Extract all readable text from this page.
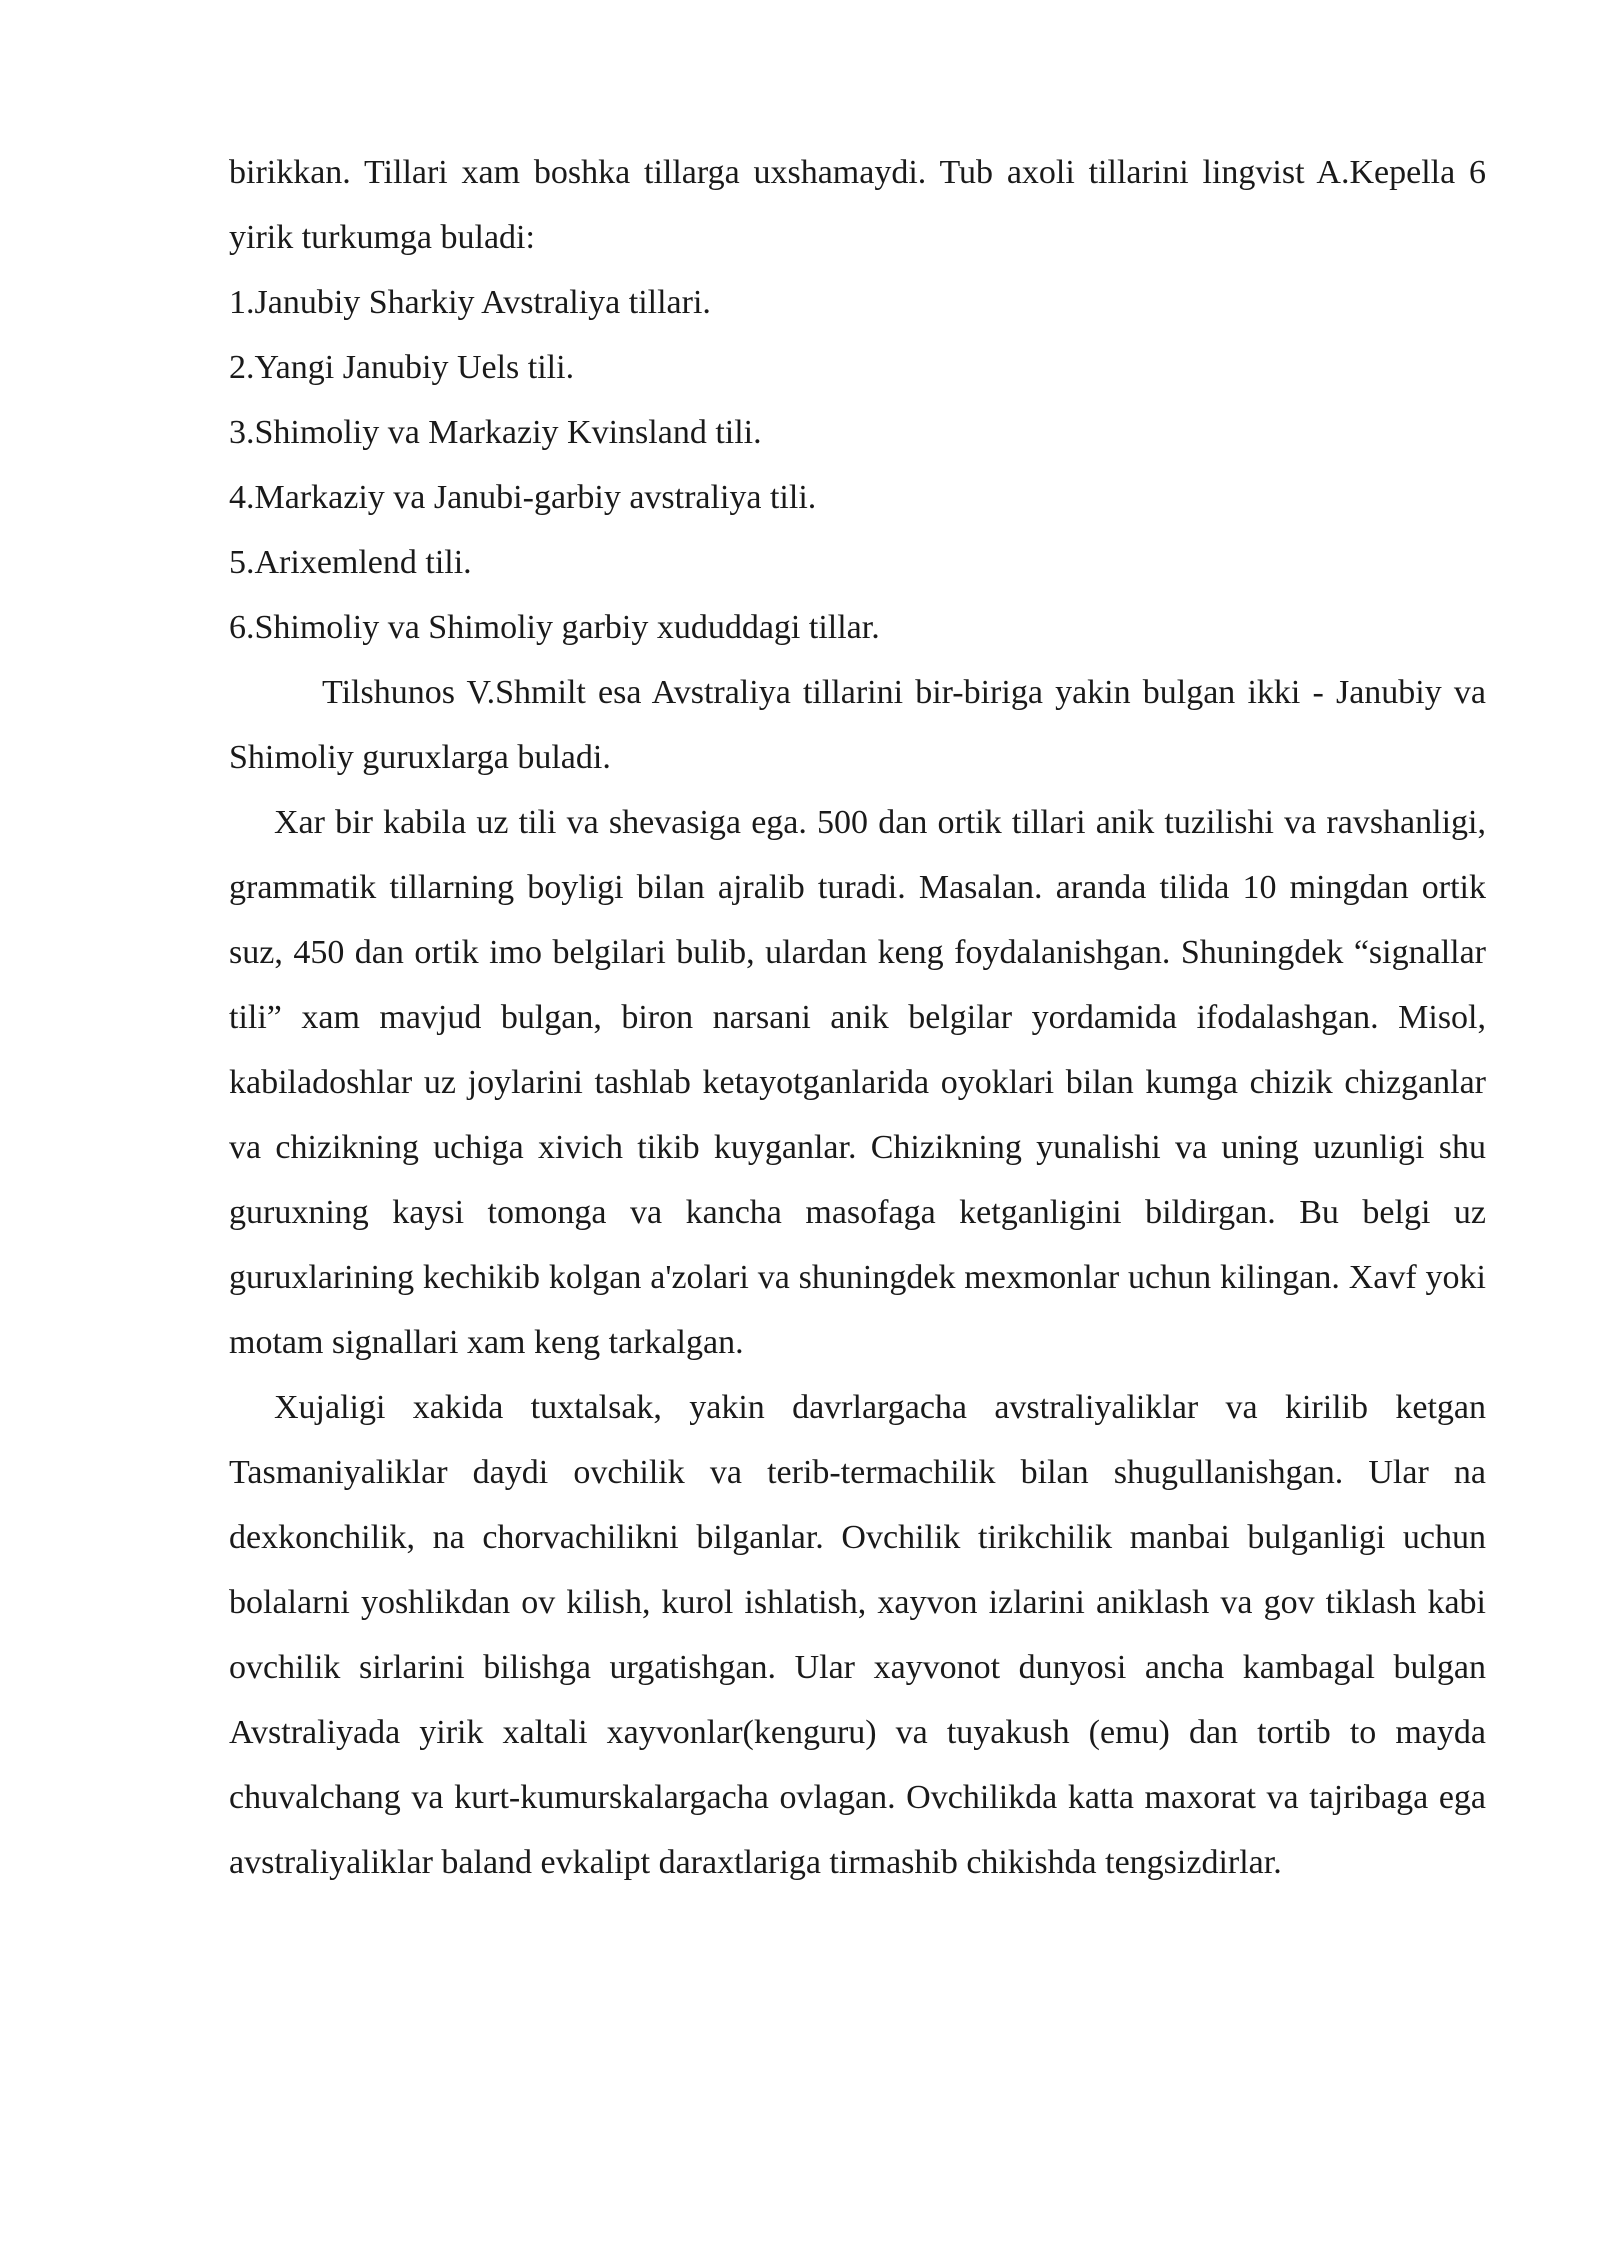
birikkan. Tillari xam boshka tillarga uxshamaydi. Tub axoli tillarini lingvist A.Kepella 6 yirik turkumga buladi:

1.Janubiy Sharkiy Avstraliya tillari.

2.Yangi Janubiy Uels tili.

3.Shimoliy va Markaziy Kvinsland tili.

4.Markaziy va Janubi-garbiy avstraliya tili.

5.Arixemlend tili.

6.Shimoliy va Shimoliy garbiy xududdagi tillar.

Tilshunos V.Shmilt esa Avstraliya tillarini bir-biriga yakin bulgan ikki - Janubiy va Shimoliy guruxlarga buladi.

Xar bir kabila uz tili va shevasiga ega. 500 dan ortik tillari anik tuzilishi va ravshanligi, grammatik tillarning boyligi bilan ajralib turadi. Masalan. aranda tilida 10 mingdan ortik suz, 450 dan ortik imo belgilari bulib, ulardan keng foydalanishgan. Shuningdek “signallar tili” xam mavjud bulgan, biron narsani anik belgilar yordamida ifodalashgan. Misol, kabiladoshlar uz joylarini tashlab ketayotganlarida oyoklari bilan kumga chizik chizganlar va chizikning uchiga xivich tikib kuyganlar. Chizikning yunalishi va uning uzunligi shu guruxning kaysi tomonga va kancha masofaga ketganligini bildirgan. Bu belgi uz guruxlarining kechikib kolgan a'zolari va shuningdek mexmonlar uchun kilingan. Xavf yoki motam signallari xam keng tarkalgan.

Xujaligi xakida tuxtalsak, yakin davrlargacha avstraliyaliklar va kirilib ketgan Tasmaniyaliklar daydi ovchilik va terib-termachilik bilan shugullanishgan. Ular na dexkonchilik, na chorvachilikni bilganlar. Ovchilik tirikchilik manbai bulganligi uchun bolalarni yoshlikdan ov kilish, kurol ishlatish, xayvon izlarini aniklash va gov tiklash kabi ovchilik sirlarini bilishga urgatishgan. Ular xayvonot dunyosi ancha kambagal bulgan Avstraliyada yirik xaltali xayvonlar(kenguru) va tuyakush (emu) dan tortib to mayda chuvalchang va kurt-kumurskalargacha ovlagan. Ovchilikda katta maxorat va tajribaga ega avstraliyaliklar baland evkalipt daraxtlariga tirmashib chikishda tengsizdirlar.
